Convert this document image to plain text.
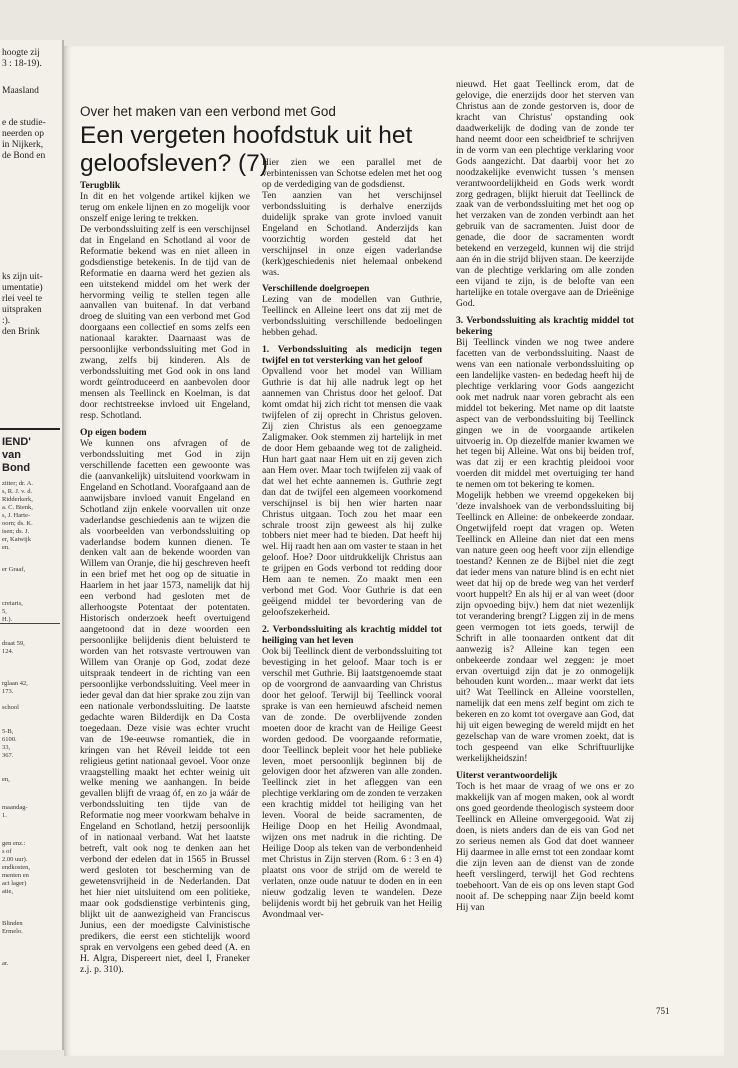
hoogte zij
3 : 18-19).
Maasland
e de studie-
neerden op
in Nijkerk,
de Bond en
ks zijn uit-
umentatie)
rlei veel te
uitspraken
:).
den Brink
IEND'
van
Bond
zitter; dr. A.
s, R. J. v. d.
Ridderkerk,
a. C. Bienk,
s, J. Harte-
oorn; ds. K.
isen; ds. J.
er, Katwijk
en.
er Graaf,
cretaris,
5,
H.).
draat 59,
124.
rglaan 42,
173.
school
5-B,
6100.
33,
367.
en,
maandag-
1.
gen enz.:
s of
2.00 uur).
endkosten,
menten en
act lager)
atie,
Blinden
Ermelo.
ar.
Over het maken van een verbond met God
Een vergeten hoofdstuk uit het geloofsleven? (7)

Terugblik

In dit en het volgende artikel kijken we terug om enkele lijnen en zo mogelijk voor onszelf enige lering te trekken.

De verbondssluiting zelf is een verschijnsel dat in Engeland en Schotland al voor de Reformatie bekend was en niet alleen in godsdienstige betekenis. In de tijd van de Reformatie en daarna werd het gezien als een uitstekend middel om het werk der hervorming veilig te stellen tegen alle aanvallen van buitenaf. In dat verband droeg de sluiting van een verbond met God doorgaans een collectief en soms zelfs een nationaal karakter. Daarnaast was de persoonlijke verbondssluiting met God in zwang, zelfs bij kinderen. Als de verbondssluiting met God ook in ons land wordt geïntroduceerd en aanbevolen door mensen als Teellinck en Koelman, is dat door rechtstreekse invloed uit Engeland, resp. Schotland.

Op eigen bodem

We kunnen ons afvragen of de verbondssluiting met God in zijn verschillende facetten een gewoonte was die (aanvankelijk) uitsluitend voorkwam in Engeland en Schotland. Voorafgaand aan de aanwijsbare invloed vanuit Engeland en Schotland zijn enkele voorvallen uit onze vaderlandse geschiedenis aan te wijzen die als voorbeelden van verbondssluiting op vaderlandse bodem kunnen dienen. Te denken valt aan de bekende woorden van Willem van Oranje, die hij geschreven heeft in een brief met het oog op de situatie in Haarlem in het jaar 1573, namelijk dat hij een verbond had gesloten met de allerhoogste Potentaat der potentaten. Historisch onderzoek heeft overtuigend aangetoond dat in deze woorden een persoonlijke belijdenis dient beluisterd te worden van het rotsvaste vertrouwen van Willem van Oranje op God, zodat deze uitspraak tendeert in de richting van een persoonlijke verbondssluiting. Veel meer in ieder geval dan dat hier sprake zou zijn van een nationale verbondssluiting. De laatste gedachte waren Bilderdijk en Da Costa toegedaan. Deze visie was echter vrucht van de 19e-eeuwse romantiek, die in kringen van het Réveil leidde tot een religieus getint nationaal gevoel. Voor onze vraagstelling maakt het echter weinig uit welke mening we aanhangen. In beide gevallen blijft de vraag óf, en zo ja wáár de verbondssluiting ten tijde van de Reformatie nog meer voorkwam behalve in Engeland en Schotland, hetzij persoonlijk of in nationaal verband. Wat het laatste betreft, valt ook nog te denken aan het verbond der edelen dat in 1565 in Brussel werd gesloten tot bescherming van de gewetensvrijheid in de Nederlanden. Dat het hier niet uitsluitend om een politieke, maar ook godsdienstige verbintenis ging, blijkt uit de aanwezigheid van Franciscus Junius, een der moedigste Calvinistische predikers, die eerst een stichtelijk woord sprak en vervolgens een gebed deed (A. en H. Algra, Dispereert niet, deel I, Franeker z.j. p. 310).

Hier zien we een parallel met de verbintenissen van Schotse edelen met het oog op de verdediging van de godsdienst.

Ten aanzien van het verschijnsel verbondssluiting is derhalve enerzijds duidelijk sprake van grote invloed vanuit Engeland en Schotland. Anderzijds kan voorzichtig worden gesteld dat het verschijnsel in onze eigen vaderlandse (kerk)geschiedenis niet helemaal onbekend was.

Verschillende doelgroepen

Lezing van de modellen van Guthrie, Teellinck en Alleine leert ons dat zij met de verbondssluiting verschillende bedoelingen hebben gehad.

1. Verbondssluiting als medicijn tegen twijfel en tot versterking van het geloof

Opvallend voor het model van William Guthrie is dat hij alle nadruk legt op het aannemen van Christus door het geloof. Dat komt omdat hij zich richt tot mensen die vaak twijfelen of zij oprecht in Christus geloven. Zij zien Christus als een genoegzame Zaligmaker. Ook stemmen zij hartelijk in met de door Hem gebaande weg tot de zaligheid. Hun hart gaat naar Hem uit en zij geven zich aan Hem over. Maar toch twijfelen zij vaak of dat wel het echte aannemen is. Guthrie zegt dan dat de twijfel een algemeen voorkomend verschijnsel is bij hen wier harten naar Christus uitgaan. Toch zou het maar een schrale troost zijn geweest als hij zulke tobbers niet meer had te bieden. Dat heeft hij wel. Hij raadt hen aan om vaster te staan in het geloof. Hoe? Door uitdrukkelijk Christus aan te grijpen en Gods verbond tot redding door Hem aan te nemen. Zo maakt men een verbond met God. Voor Guthrie is dat een geëigend middel ter bevordering van de geloofszekerheid.

2. Verbondssluiting als krachtig middel tot heiliging van het leven

Ook bij Teellinck dient de verbondssluiting tot bevestiging in het geloof. Maar toch is er verschil met Guthrie. Bij laatstgenoemde staat op de voorgrond de aanvaarding van Christus door het geloof. Terwijl bij Teellinck vooral sprake is van een hernieuwd afscheid nemen van de zonde. De overblijvende zonden moeten door de kracht van de Heilige Geest worden gedood. De voorgaande reformatie, door Teellinck bepleit voor het hele publieke leven, moet persoonlijk beginnen bij de gelovigen door het afzweren van alle zonden. Teellinck ziet in het afleggen van een plechtige verklaring om de zonden te verzaken een krachtig middel tot heiliging van het leven. Vooral de beide sacramenten, de Heilige Doop en het Heilig Avondmaal, wijzen ons met nadruk in die richting. De Heilige Doop als teken van de verbondenheid met Christus in Zijn sterven (Rom. 6 : 3 en 4) plaatst ons voor de strijd om de wereld te verlaten, onze oude natuur te doden en in een nieuw godzalig leven te wandelen. Deze belijdenis wordt bij het gebruik van het Heilig Avondmaal ver-

nieuwd. Het gaat Teellinck erom, dat de gelovige, die enerzijds door het sterven van Christus aan de zonde gestorven is, door de kracht van Christus' opstanding ook daadwerkelijk de doding van de zonde ter hand neemt door een scheidbrief te schrijven in de vorm van een plechtige verklaring voor Gods aangezicht. Dat daarbij voor het zo noodzakelijke evenwicht tussen 's mensen verantwoordelijkheid en Gods werk wordt zorg gedragen, blijkt hieruit dat Teellinck de zaak van de verbondssluiting met het oog op het verzaken van de zonden verbindt aan het gebruik van de sacramenten. Juist door de genade, die door de sacramenten wordt betekend en verzegeld, kunnen wij die strijd aan én in die strijd blijven staan. De keerzijde van de plechtige verklaring om alle zonden een vijand te zijn, is de belofte van een hartelijke en totale overgave aan de Drieënige God.

3. Verbondssluiting als krachtig middel tot bekering

Bij Teellinck vinden we nog twee andere facetten van de verbondssluiting. Naast de wens van een nationale verbondssluiting op een landelijke vasten- en bededag heeft hij de plechtige verklaring voor Gods aangezicht ook met nadruk naar voren gebracht als een middel tot bekering. Met name op dit laatste aspect van de verbondssluiting bij Teellinck gingen we in de voorgaande artikelen uitvoerig in. Op diezelfde manier kwamen we het tegen bij Alleine. Wat ons bij beiden trof, was dat zij er een krachtig pleidooi voor voerden dit middel met overtuiging ter hand te nemen om tot bekering te komen.

Mogelijk hebben we vreemd opgekeken bij 'deze invalshoek van de verbondssluiting bij Teellinck en Alleine: de onbekeerde zondaar. Ongetwijfeld roept dat vragen op. Weten Teellinck en Alleine dan niet dat een mens van nature geen oog heeft voor zijn ellendige toestand? Kennen ze de Bijbel niet die zegt dat ieder mens van nature blind is en echt niet weet dat hij op de brede weg van het verderf voort huppelt? En als hij er al van weet (door zijn opvoeding bijv.) hem dat niet wezenlijk tot verandering brengt? Liggen zij in de mens geen vermogen tot iets goeds, terwijl de Schrift in alle toonaarden ontkent dat dit aanwezig is? Alleine kan tegen een onbekeerde zondaar wel zeggen: je moet ervan overtuigd zijn dat je zo onmogelijk behouden kunt worden... maar werkt dat iets uit? Wat Teellinck en Alleine voorstellen, namelijk dat een mens zelf begint om zich te bekeren en zo komt tot overgave aan God, dat hij uit eigen beweging de wereld mijdt en het gezelschap van de ware vromen zoekt, dat is toch gespeend van elke Schriftuurlijke werkelijkheidszin!

Uiterst verantwoordelijk

Toch is het maar de vraag of we ons er zo makkelijk van af mogen maken, ook al wordt ons goed geordende theologisch systeem door Teellinck en Alleine omvergegooid. Wat zij doen, is niets anders dan de eis van God net zo serieus nemen als God dat doet wanneer Hij daarmee in alle ernst tot een zondaar komt die zijn leven aan de dienst van de zonde heeft verslingerd, terwijl het God rechtens toebehoort. Van de eis op ons leven stapt God nooit af. De schepping naar Zijn beeld komt Hij van

751
